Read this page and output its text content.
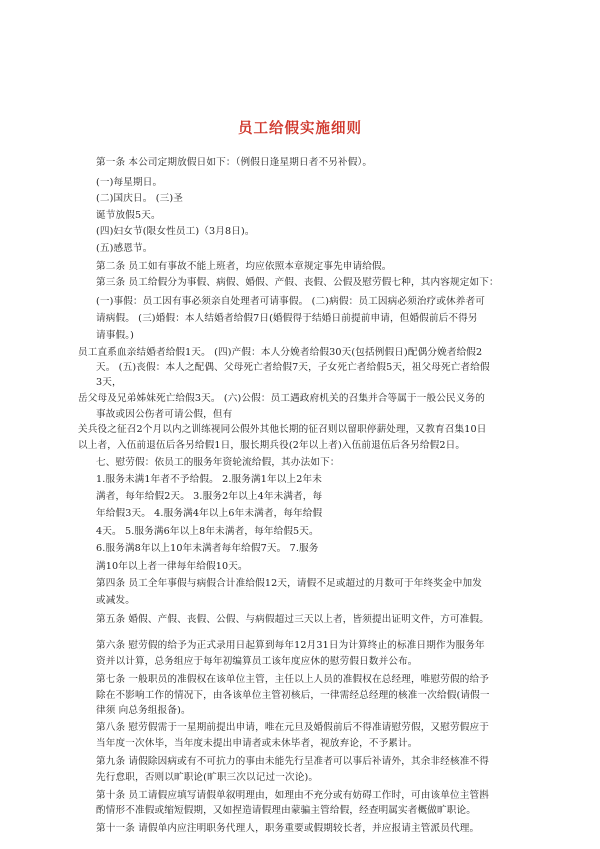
员工给假实施细则
第一条 本公司定期放假日如下：（例假日逢星期日者不另补假）。
(一)每星期日。
(二)国庆日。 (三)圣
诞节放假5天。
(四)妇女节(限女性员工)（3月8日)。
(五)感恩节。
第二条 员工如有事故不能上班者，均应依照本章规定事先申请给假。
第三条 员工给假分为事假、病假、婚假、产假、丧假、公假及慰劳假七种，其内容规定如下：
(一)事假：员工因有事必须亲自处理者可请事假。 (二)病假：员工因病必须治疗或休养者可
请病假。 (三)婚假：本人结婚者给假7日(婚假得于结婚日前提前申请，但婚假前后不得另
请事假。)
员工直系血亲结婚者给假1天。 (四)产假：本人分娩者给假30天(包括例假日)配偶分娩者给假2
天。 (五)丧假：本人之配偶、父母死亡者给假7天，子女死亡者给假5天，祖父母死亡者给假
3天，
岳父母及兄弟姊妹死亡给假3天。 (六)公假：员工遇政府机关的召集并合等属于一般公民义务的
事故或因公伤者可请公假，但有
关兵役之征召2个月以内之训练视同公假外其他长期的征召则以留职停薪处理，又教育召集10日
以上者，入伍前退伍后各另给假1日，服长期兵役(2年以上者)入伍前退伍后各另给假2日。
七、慰劳假：依员工的服务年资轮流给假，其办法如下：
1.服务未满1年者不予给假。 2.服务满1年以上2年未
满者，每年给假2天。 3.服务2年以上4年未满者，每
年给假3天。 4.服务满4年以上6年未满者，每年给假
4天。 5.服务满6年以上8年未满者，每年给假5天。
6.服务满8年以上10年未满者每年给假7天。 7.服务
满10年以上者一律每年给假10天。
第四条 员工全年事假与病假合计准给假12天，请假不足或超过的月数可于年终奖金中加发
或减发。
第五条 婚假、产假、丧假、公假、与病假超过三天以上者，皆须提出证明文件，方可准假。
第六条 慰劳假的给予为正式录用日起算到每年12月31日为计算终止的标准日期作为服务年
资并以计算，总务组应于每年初编算员工该年度应休的慰劳假日数并公布。
第七条 一般职员的准假权在该单位主管，主任以上人员的准假权在总经理，唯慰劳假的给予
除在不影响工作的情况下，由各该单位主管初核后，一律需经总经理的核准一次给假(请假一
律须 向总务组报备)。
第八条 慰劳假需于一星期前提出申请，唯在元旦及婚假前后不得准请慰劳假，又慰劳假应于
当年度一次休毕，当年度未提出申请者或未休毕者，视放弃论，不予累计。
第九条 请假除因病或有不可抗力的事由未能先行呈准者可以事后补请外，其余非经核准不得
先行怠职，否则以旷职论(旷职三次以记过一次论)。
第十条 员工请假应填写请假单叙明理由，如理由不充分或有妨碍工作时，可由该单位主管斟
酌情形不准假或缩短假期，又如捏造请假理由蒙骗主管给假，经查明属实者概做旷职论。
第十一条 请假单内应注明职务代理人，职务重要或假期较长者，并应报请主管派员代理。
